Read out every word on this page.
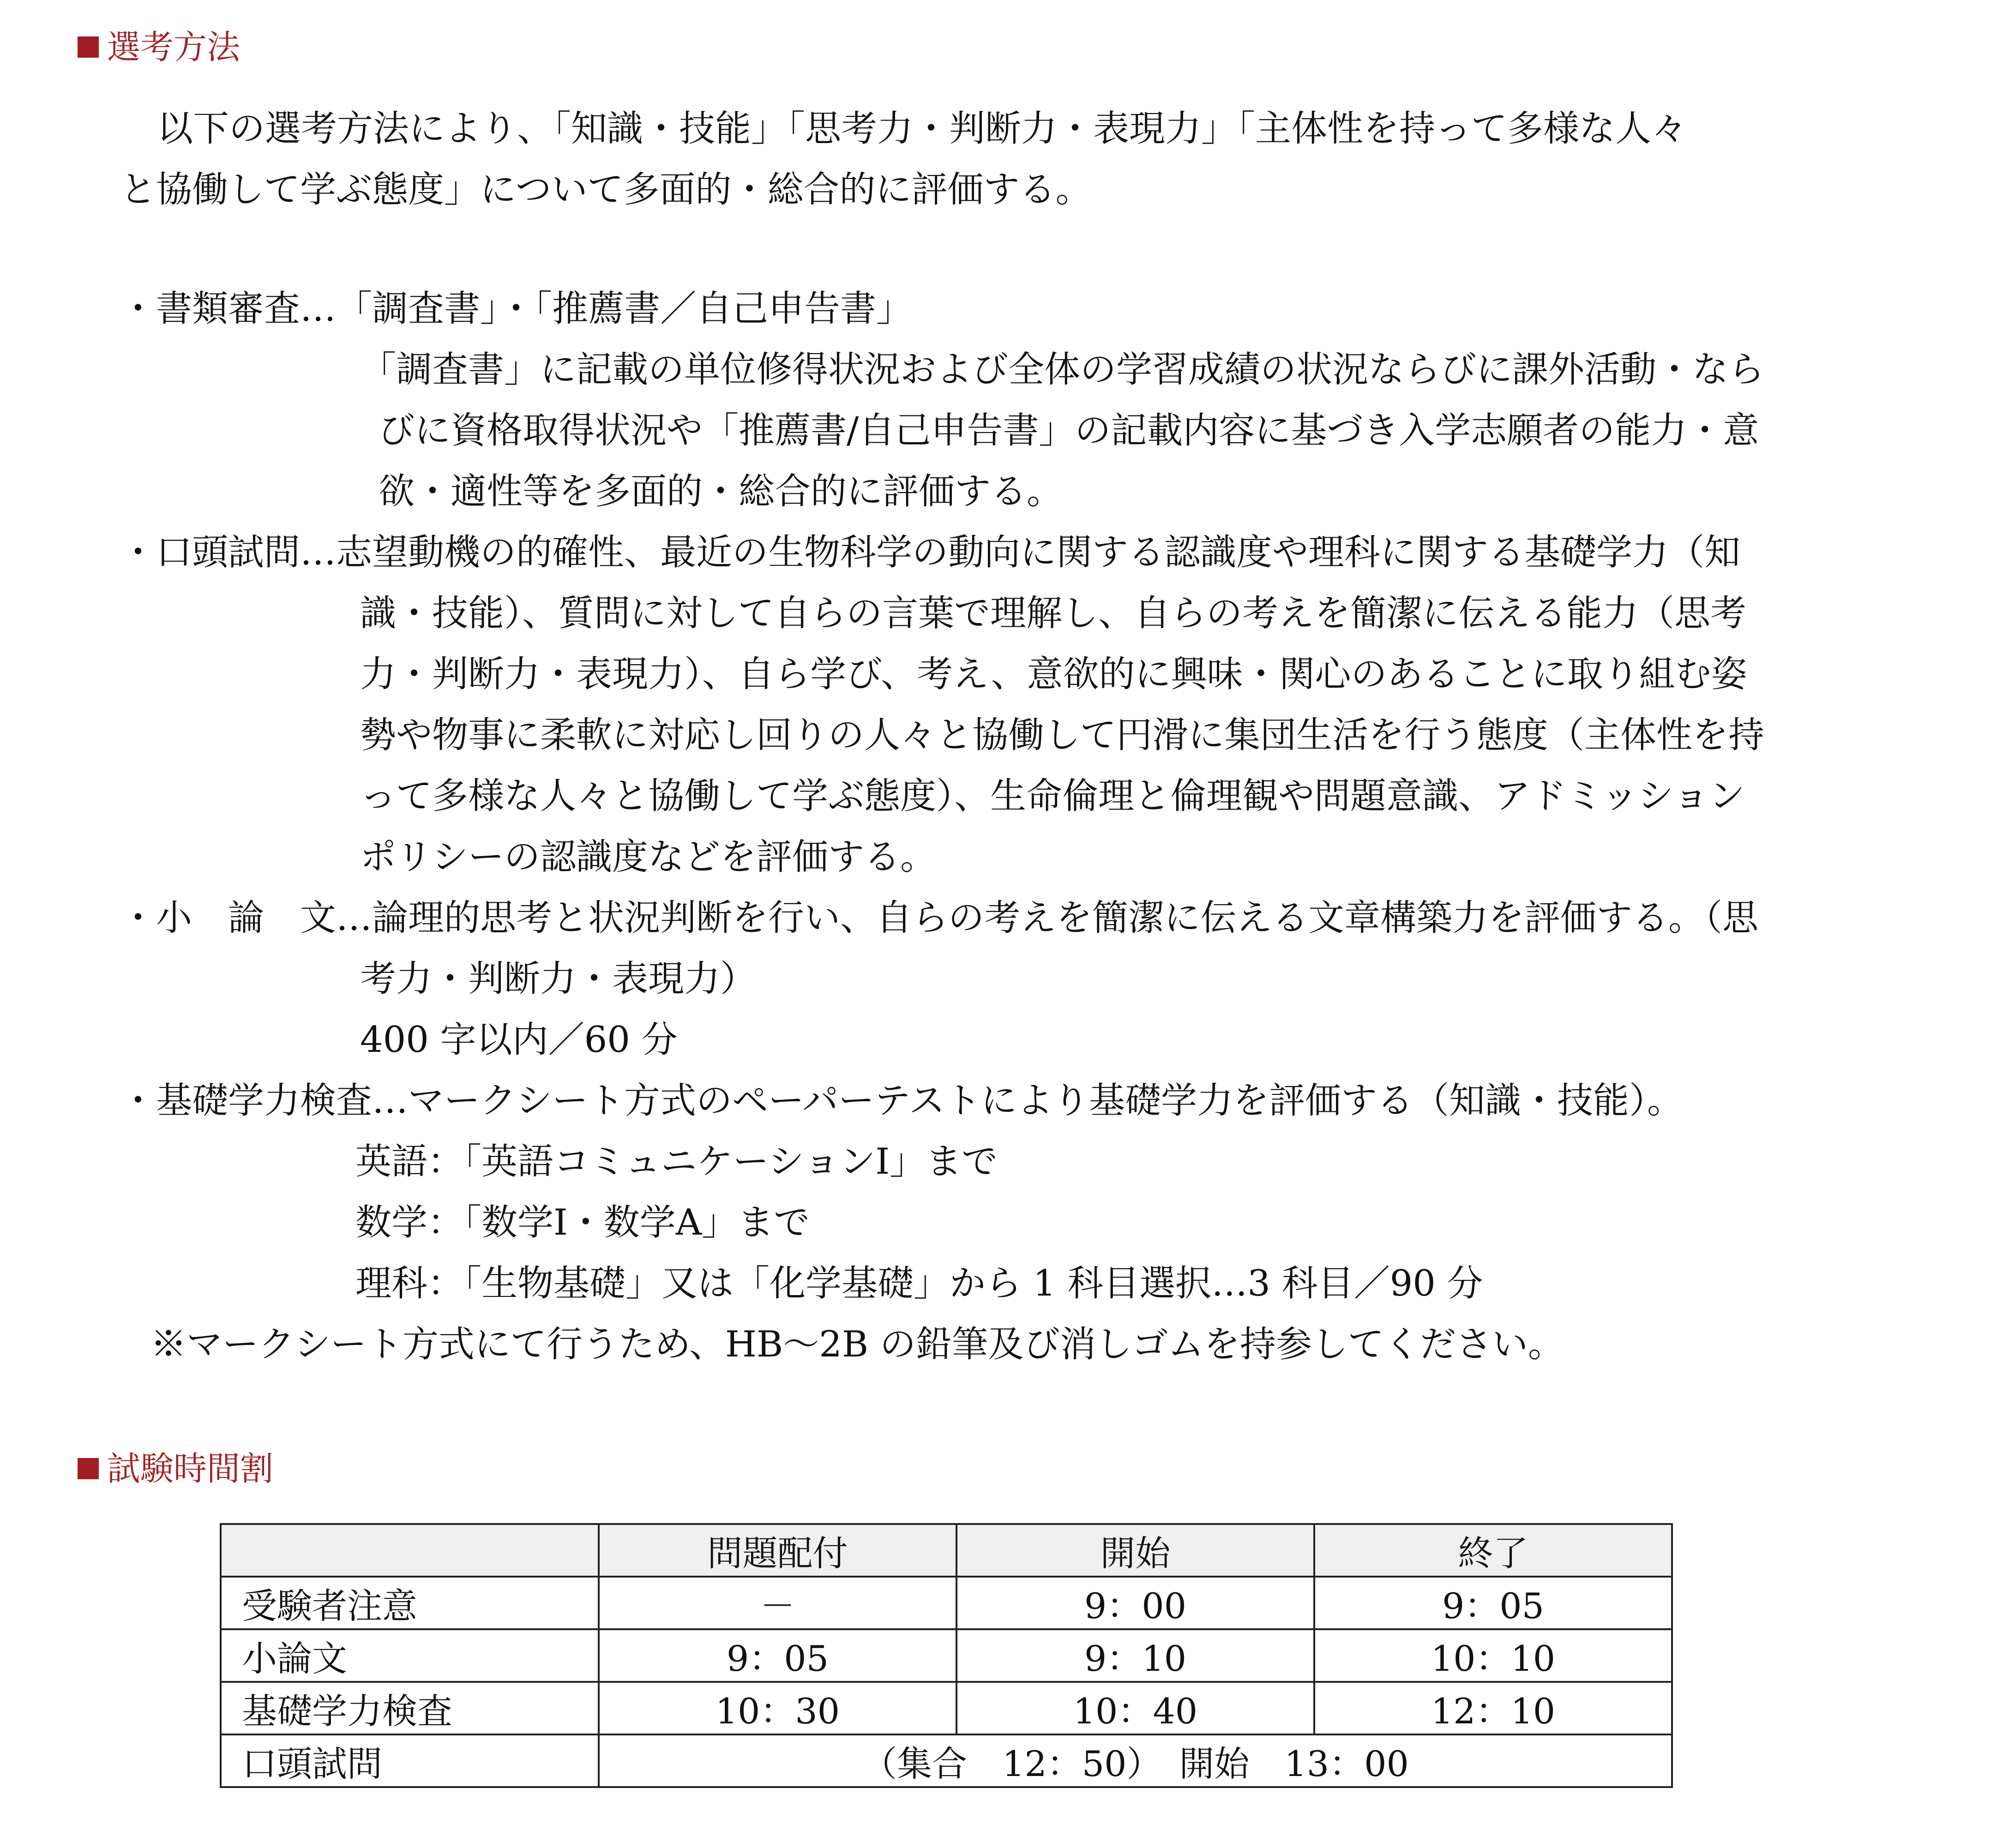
選考方法
以下の選考方法により、「知識・技能」「思考力・判断力・表現力」「主体性を持って多様な人々
と協働して学ぶ態度」について多面的・総合的に評価する。
・書類審査…「調査書」・「推薦書／自己申告書」
「調査書」に記載の単位修得状況および全体の学習成績の状況ならびに課外活動・なら
びに資格取得状況や「推薦書/自己申告書」の記載内容に基づき入学志願者の能力・意
欲・適性等を多面的・総合的に評価する。
・口頭試問…志望動機の的確性、最近の生物科学の動向に関する認識度や理科に関する基礎学力（知
識・技能）、質問に対して自らの言葉で理解し、自らの考えを簡潔に伝える能力（思考
力・判断力・表現力）、自ら学び、考え、意欲的に興味・関心のあることに取り組む姿
勢や物事に柔軟に対応し回りの人々と協働して円滑に集団生活を行う態度（主体性を持
って多様な人々と協働して学ぶ態度）、生命倫理と倫理観や問題意識、アドミッション
ポリシーの認識度などを評価する。
・小　論　文…論理的思考と状況判断を行い、自らの考えを簡潔に伝える文章構築力を評価する。（思
考力・判断力・表現力）
400 字以内／60 分
・基礎学力検査…マークシート方式のペーパーテストにより基礎学力を評価する（知識・技能）。
英語：「英語コミュニケーションⅠ」まで
数学：「数学Ⅰ・数学A」まで
理科：「生物基礎」又は「化学基礎」から 1 科目選択…3 科目／90 分
※マークシート方式にて行うため、HB～2B の鉛筆及び消しゴムを持参してください。
試験時間割
	問題配付	開始	終了
受験者注意	－	9：00	9：05
小論文	9：05	9：10	10：10
基礎学力検査	10：30	10：40	12：10
口頭試問	（集合　12：50）　開始　13：00		
